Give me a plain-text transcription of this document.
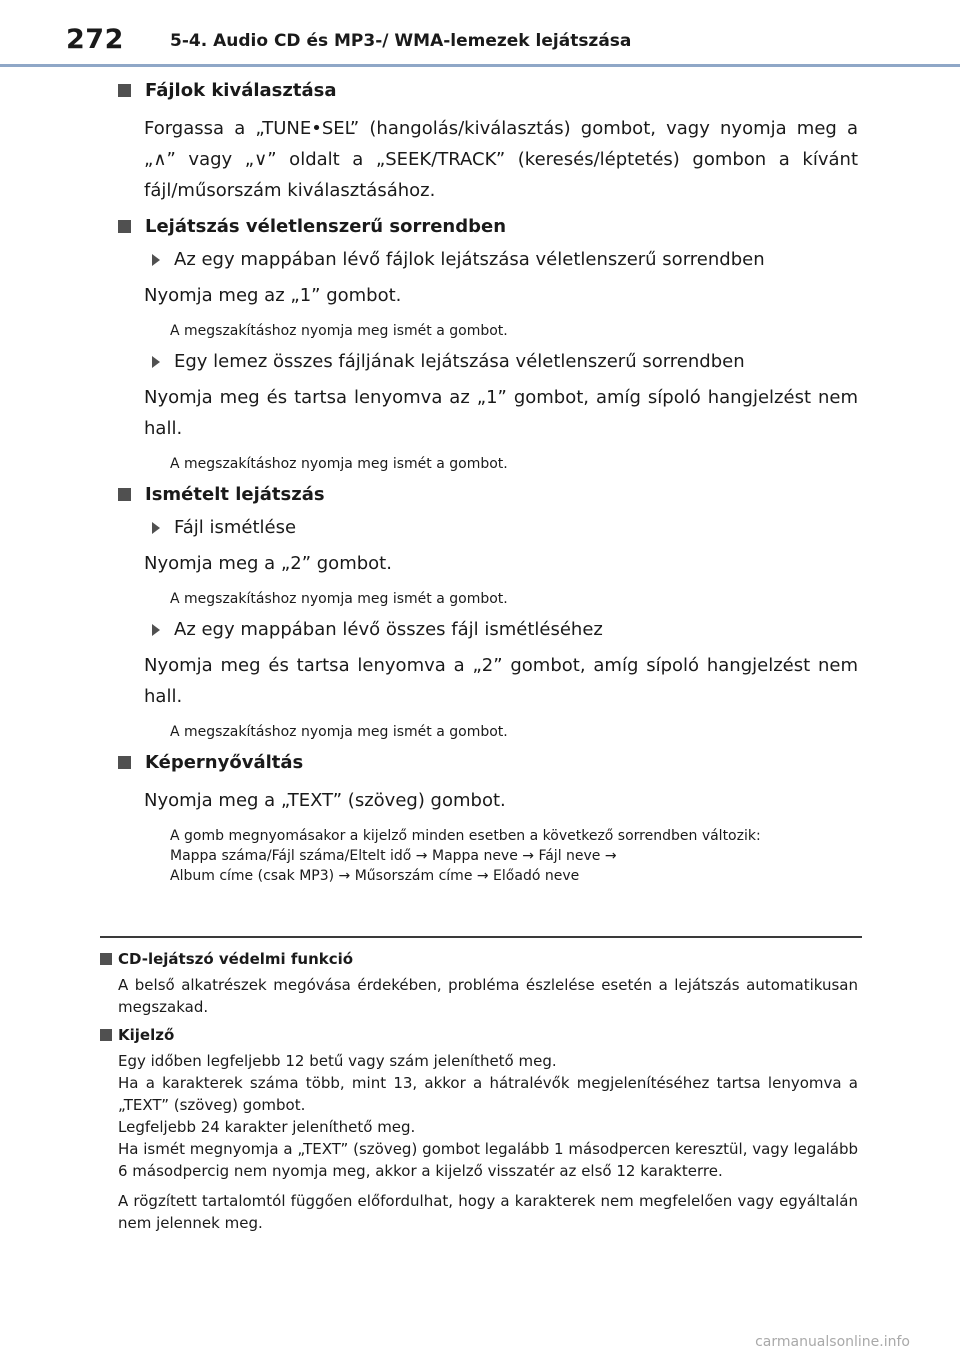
272	5-4. Audio CD és MP3-/ WMA-lemezek lejátszása
Fájlok kiválasztása

Forgassa a „TUNE•SEL” (hangolás/kiválasztás) gombot, vagy nyomja meg a „∧” vagy „∨” oldalt a „SEEK/TRACK” (keresés/léptetés) gombon a kívánt fájl/műsorszám kiválasztásához.

Lejátszás véletlenszerű sorrendben
Az egy mappában lévő fájlok lejátszása véletlenszerű sorrendben

Nyomja meg az „1” gombot.

A megszakításhoz nyomja meg ismét a gombot.

Egy lemez összes fájljának lejátszása véletlenszerű sorrendben

Nyomja meg és tartsa lenyomva az „1” gombot, amíg sípoló hangjelzést nem hall.

A megszakításhoz nyomja meg ismét a gombot.

Ismételt lejátszás
Fájl ismétlése

Nyomja meg a „2” gombot.

A megszakításhoz nyomja meg ismét a gombot.

Az egy mappában lévő összes fájl ismétléséhez

Nyomja meg és tartsa lenyomva a „2” gombot, amíg sípoló hangjelzést nem hall.

A megszakításhoz nyomja meg ismét a gombot.

Képernyőváltás

Nyomja meg a „TEXT” (szöveg) gombot.

A gomb megnyomásakor a kijelző minden esetben a következő sorrendben változik:
Mappa száma/Fájl száma/Eltelt idő → Mappa neve → Fájl neve →
Album címe (csak MP3) → Műsorszám címe → Előadó neve
CD-lejátszó védelmi funkció

A belső alkatrészek megóvása érdekében, probléma észlelése esetén a lejátszás automatikusan megszakad.

Kijelző
Egy időben legfeljebb 12 betű vagy szám jeleníthető meg.
Ha a karakterek száma több, mint 13, akkor a hátralévők megjelenítéséhez tartsa lenyomva a „TEXT” (szöveg) gombot.
Legfeljebb 24 karakter jeleníthető meg.
Ha ismét megnyomja a „TEXT” (szöveg) gombot legalább 1 másodpercen keresztül, vagy legalább 6 másodpercig nem nyomja meg, akkor a kijelző visszatér az első 12 karakterre.

A rögzített tartalomtól függően előfordulhat, hogy a karakterek nem megfelelően vagy egyáltalán nem jelennek meg.

carmanualsonline.info
